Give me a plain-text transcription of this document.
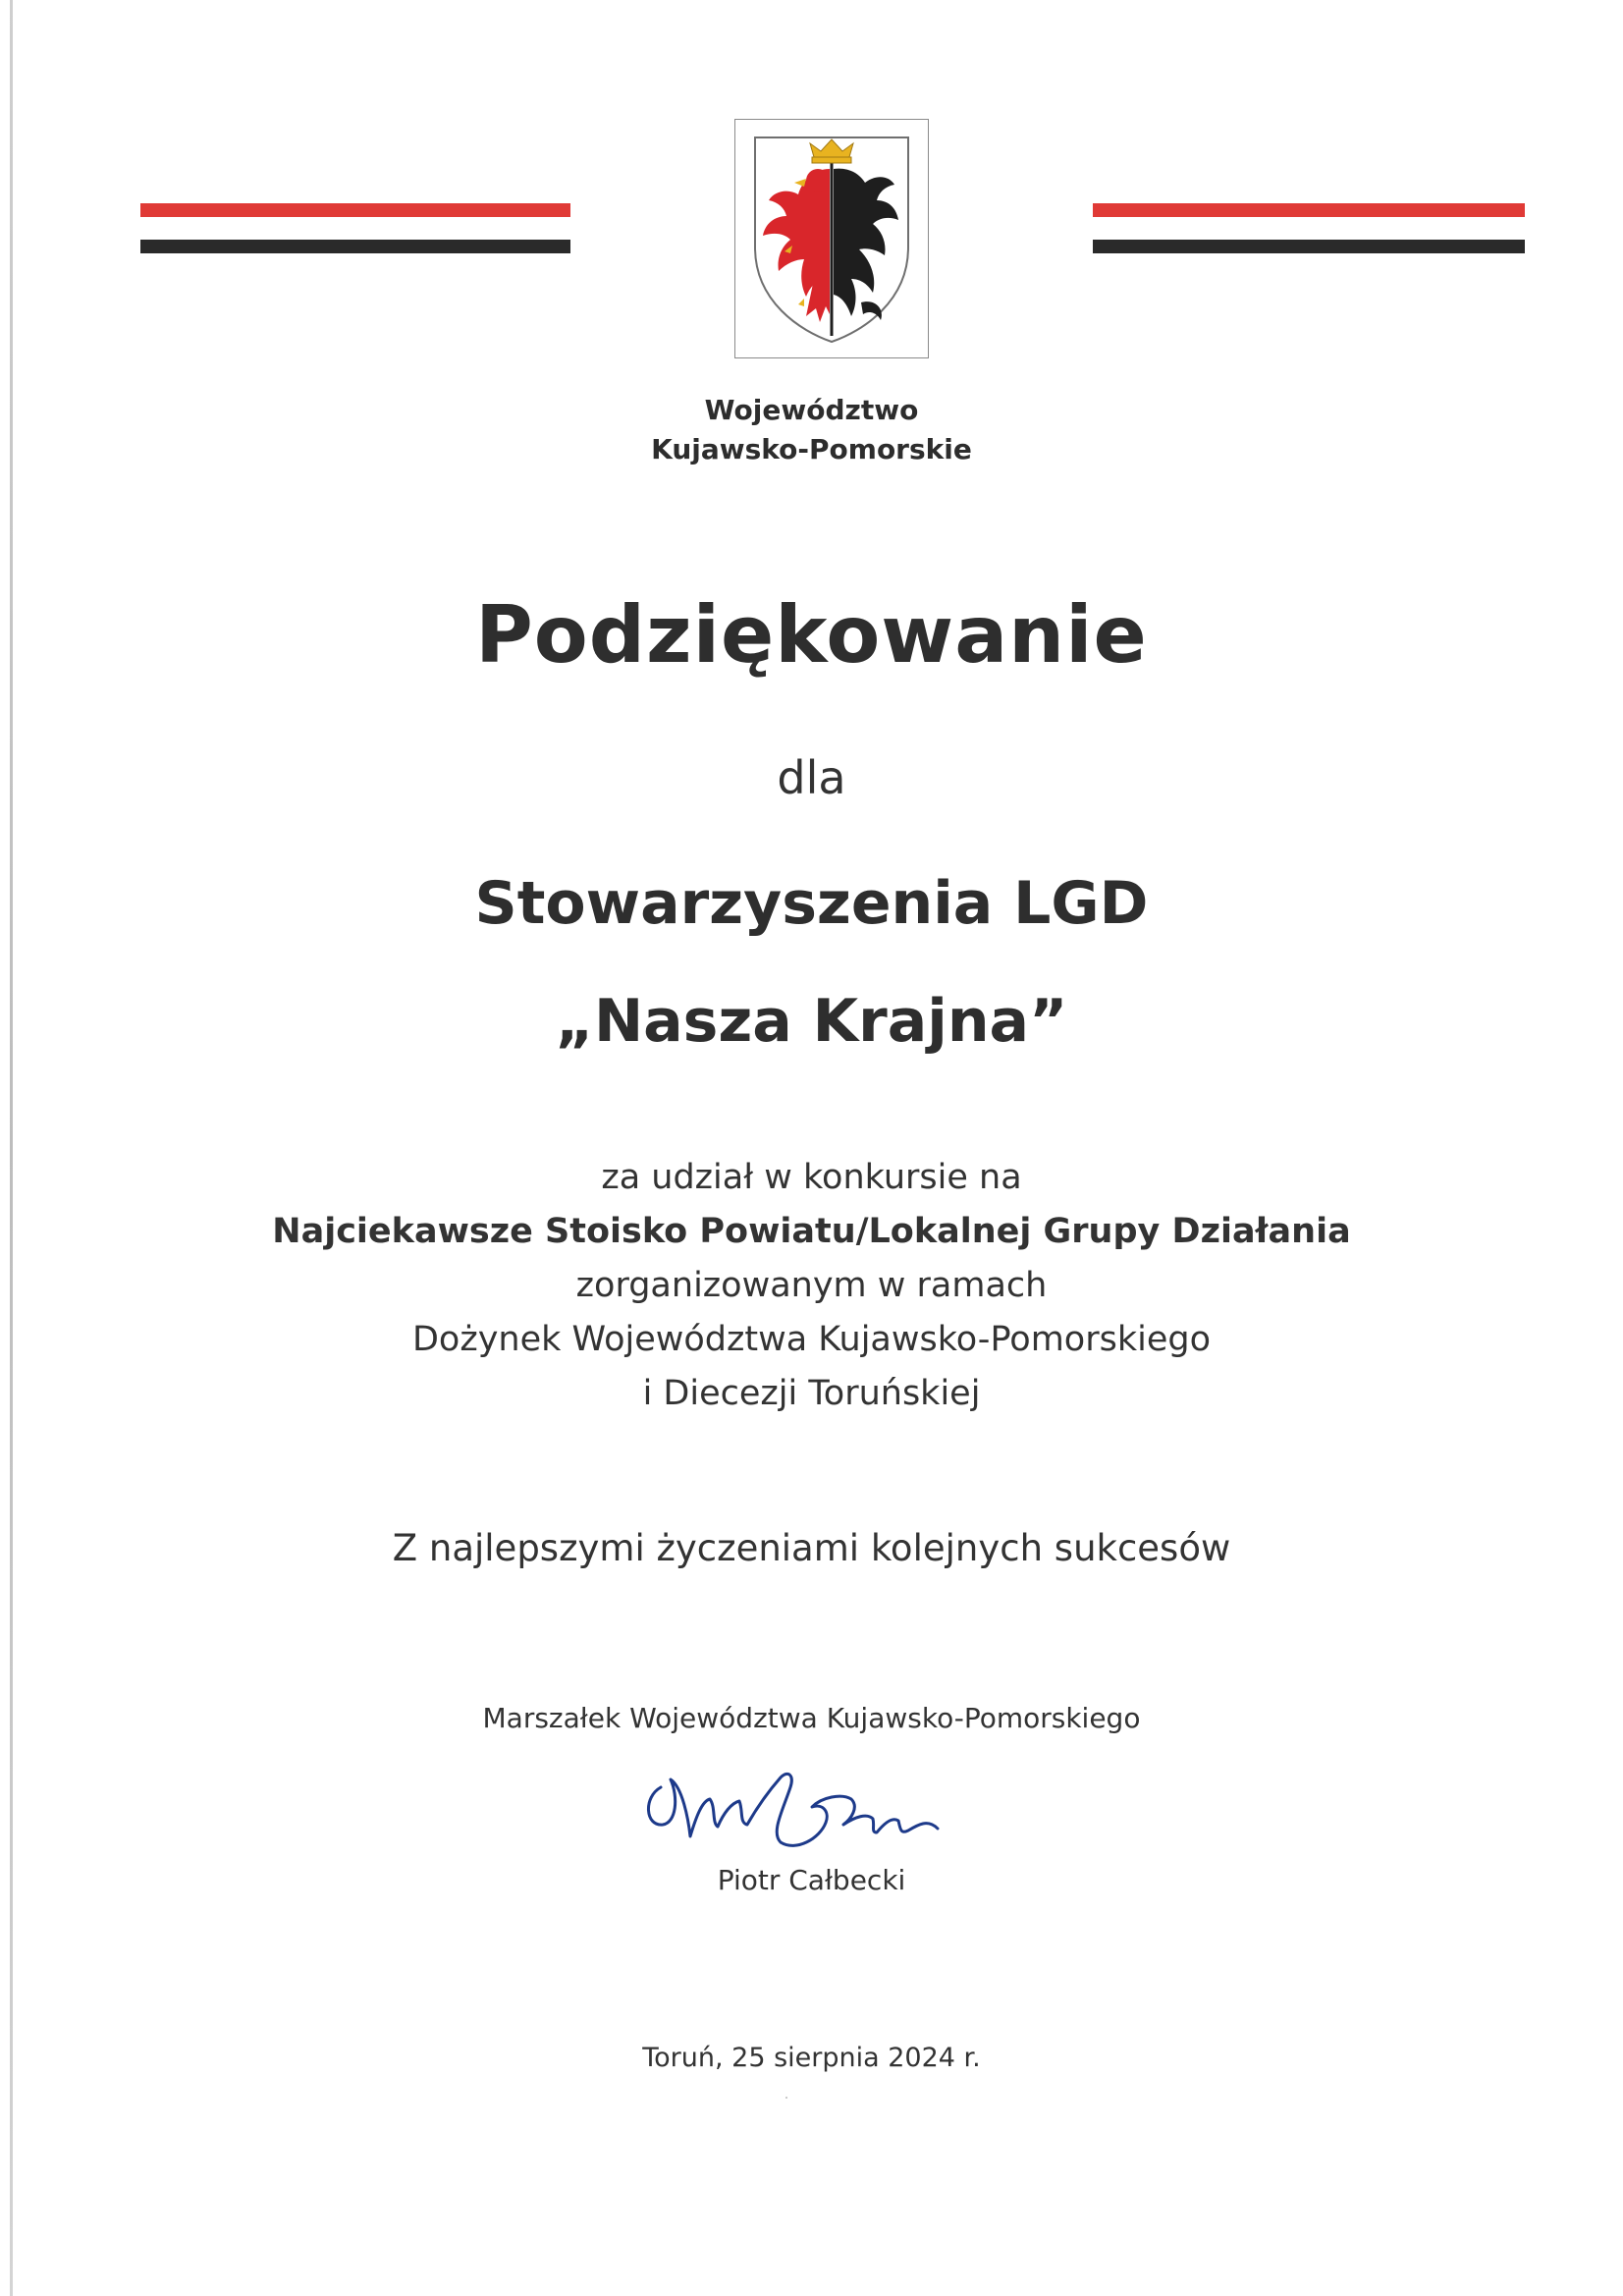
Województwo
Kujawsko-Pomorskie
Podziękowanie
dla
Stowarzyszenia LGD
„Nasza Krajna”
za udział w konkursie na
Najciekawsze Stoisko Powiatu/Lokalnej Grupy Działania
zorganizowanym w ramach
Dożynek Województwa Kujawsko-Pomorskiego
i Diecezji Toruńskiej
Z najlepszymi życzeniami kolejnych sukcesów
Marszałek Województwa Kujawsko-Pomorskiego
Piotr Całbecki
Toruń, 25 sierpnia 2024 r.
